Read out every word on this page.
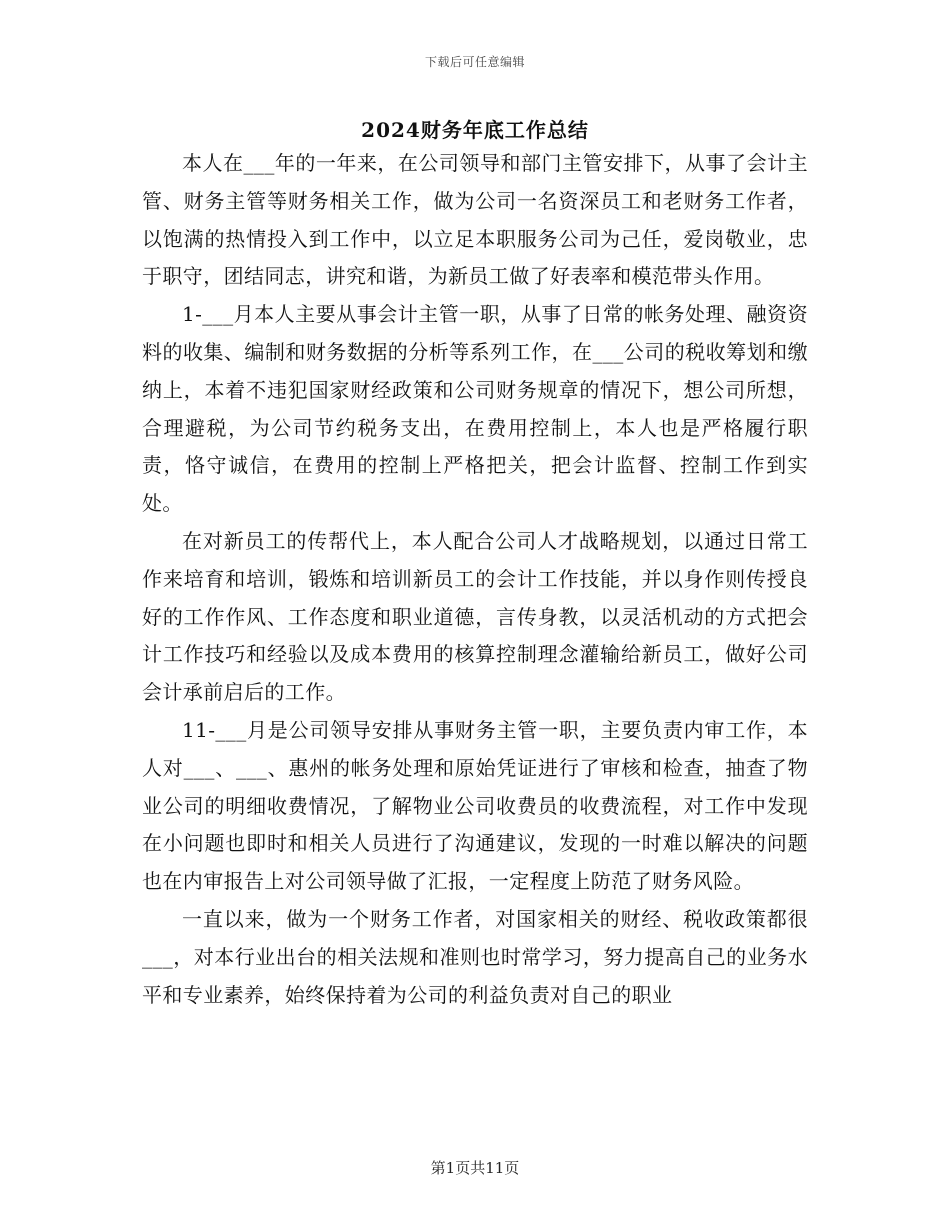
下载后可任意编辑
2024财务年底工作总结

本人在___年的一年来，在公司领导和部门主管安排下，从事了会计主管、财务主管等财务相关工作，做为公司一名资深员工和老财务工作者，以饱满的热情投入到工作中，以立足本职服务公司为己任，爱岗敬业，忠于职守，团结同志，讲究和谐，为新员工做了好表率和模范带头作用。

1-___月本人主要从事会计主管一职，从事了日常的帐务处理、融资资料的收集、编制和财务数据的分析等系列工作，在___公司的税收筹划和缴纳上，本着不违犯国家财经政策和公司财务规章的情况下，想公司所想，合理避税，为公司节约税务支出，在费用控制上，本人也是严格履行职责，恪守诚信，在费用的控制上严格把关，把会计监督、控制工作到实处。

在对新员工的传帮代上，本人配合公司人才战略规划，以通过日常工作来培育和培训，锻炼和培训新员工的会计工作技能，并以身作则传授良好的工作作风、工作态度和职业道德，言传身教，以灵活机动的方式把会计工作技巧和经验以及成本费用的核算控制理念灌输给新员工，做好公司会计承前启后的工作。

11-___月是公司领导安排从事财务主管一职，主要负责内审工作，本人对___、___、惠州的帐务处理和原始凭证进行了审核和检查，抽查了物业公司的明细收费情况，了解物业公司收费员的收费流程，对工作中发现在小问题也即时和相关人员进行了沟通建议，发现的一时难以解决的问题也在内审报告上对公司领导做了汇报，一定程度上防范了财务风险。

一直以来，做为一个财务工作者，对国家相关的财经、税收政策都很___，对本行业出台的相关法规和准则也时常学习，努力提高自己的业务水平和专业素养，始终保持着为公司的利益负责对自己的职业

第1页共11页
